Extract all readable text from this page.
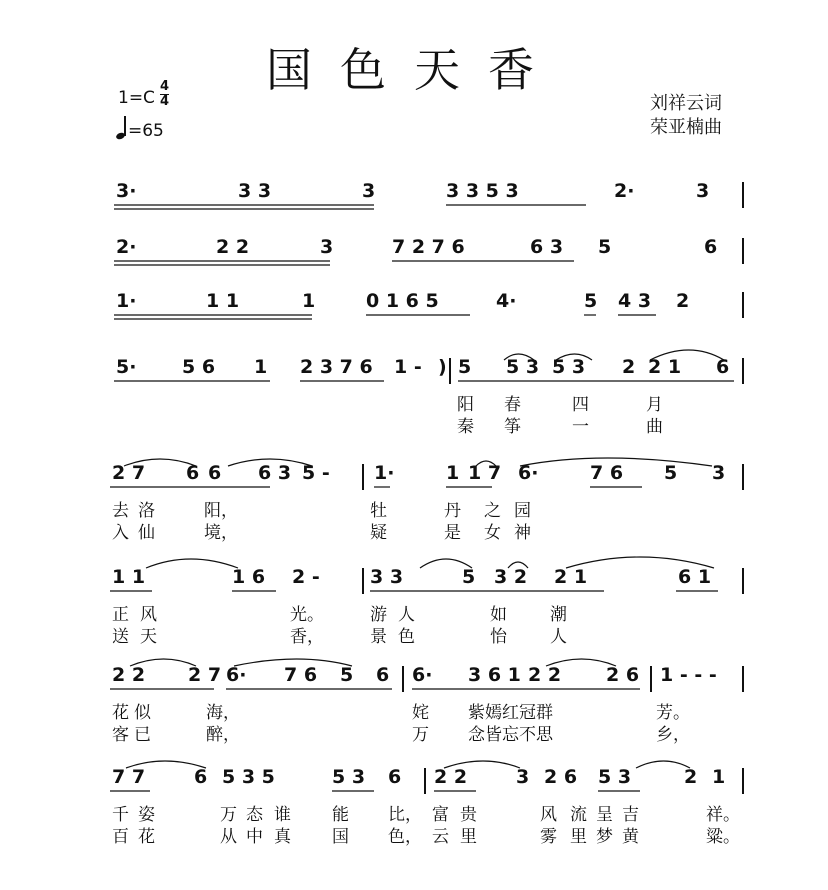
国色天香
1=C
4
4
=65
刘祥云词
荣亚楠曲
3·	3 3	3	3 3 5 3	2·	3
2·	2 2	3	7 2 7 6	6 3 5	6
1·	1 1	1	0 1 6 5	4·	5 4 3 2
5· 5 6 1 2 3 7 6 1 - ) 5 5 3 5 3 2 2 1 6
阳 春	四	月
秦 筝	一	曲
2 7 6 6 6 3 5 - 1·	1 1 7 6·	7 6 5 3
去 洛	阳，	牡	丹 之 园
入 仙	境，	疑	是 女 神
1 1	1 6 2 -	3 3	5 3 2 2 1	6 1
正 风	光。	游 人	如	潮
送 天	香，	景 色	怡	人
2 2 2 7 6· 7 6 5 6 6· 3 6 1 2 2 2 6 1 - - -
花 似	海，	姹 紫嫣红冠群	芳。
客 已	醉，	万 念皆忘不思	乡，
7 7	6 5 3 5	5 3 6 2 2	3 2 6 5 3	2 1
千 姿	万 态 谁 能 比， 富 贵	风 流 呈 吉	祥。
百 花	从 中 真 国 色， 云 里	雾 里 梦 黄	粱。
